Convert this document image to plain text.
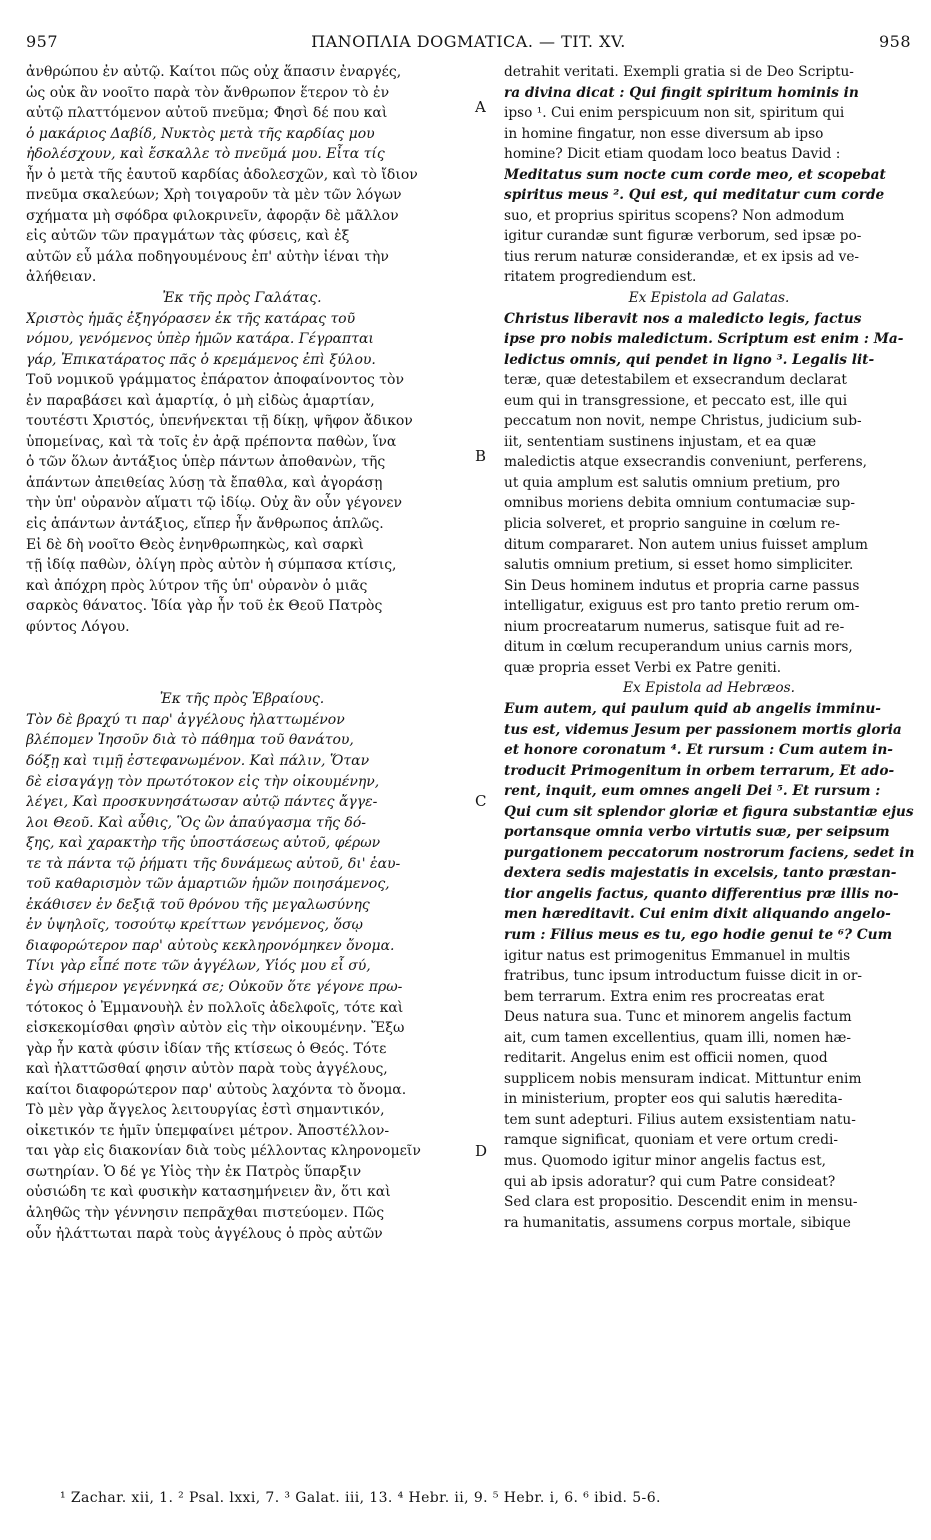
957	ΠΑΝΟΠΛΙΑ DOGMATICA. — TIT. XV.	958
ἀνθρώπου ἐν αὐτῷ. Καίτοι πῶς οὐχ ἅπασιν ἐναργές,
ὡς οὐκ ἂν νοοῖτο παρὰ τὸν ἄνθρωπον ἕτερον τὸ ἐν
αὐτῷ πλαττόμενον αὐτοῦ πνεῦμα; Φησὶ δέ που καὶ
ὁ μακάριος Δαβίδ, Νυκτὸς μετὰ τῆς καρδίας μου
ἠδολέσχουν, καὶ ἔσκαλλε τὸ πνεῦμά μου. Εἶτα τίς
ἦν ὁ μετὰ τῆς ἑαυτοῦ καρδίας ἀδολεσχῶν, καὶ τὸ ἴδιον
πνεῦμα σκαλεύων; Χρὴ τοιγαροῦν τὰ μὲν τῶν λόγων
σχήματα μὴ σφόδρα φιλοκρινεῖν, ἀφορᾷν δὲ μᾶλλον
εἰς αὐτῶν τῶν πραγμάτων τὰς φύσεις, καὶ ἐξ
αὐτῶν εὖ μάλα ποδηγουμένους ἐπ' αὐτὴν ἰέναι τὴν
ἀλήθειαν.
Ἐκ τῆς πρὸς Γαλάτας.
Χριστὸς ἡμᾶς ἐξηγόρασεν ἐκ τῆς κατάρας τοῦ
νόμου, γενόμενος ὑπὲρ ἡμῶν κατάρα. Γέγραπται
γάρ, Ἐπικατάρατος πᾶς ὁ κρεμάμενος ἐπὶ ξύλου.
Τοῦ νομικοῦ γράμματος ἐπάρατον ἀποφαίνοντος τὸν
ἐν παραβάσει καὶ ἁμαρτίᾳ, ὁ μὴ εἰδὼς ἁμαρτίαν,
τουτέστι Χριστός, ὑπενήνεκται τῇ δίκῃ, ψῆφον ἄδικον
ὑπομείνας, καὶ τὰ τοῖς ἐν ἀρᾷ πρέποντα παθὼν, ἵνα
ὁ τῶν ὅλων ἀντάξιος ὑπὲρ πάντων ἀποθανὼν, τῆς
ἁπάντων ἀπειθείας λύσῃ τὰ ἔπαθλα, καὶ ἀγοράσῃ
τὴν ὑπ' οὐρανὸν αἵματι τῷ ἰδίῳ. Οὐχ ἂν οὖν γέγονεν
εἰς ἁπάντων ἀντάξιος, εἴπερ ἦν ἄνθρωπος ἁπλῶς.
Εἰ δὲ δὴ νοοῖτο Θεὸς ἐνηνθρωπηκὼς, καὶ σαρκὶ
τῇ ἰδίᾳ παθὼν, ὀλίγη πρὸς αὐτὸν ἡ σύμπασα κτίσις,
καὶ ἀπόχρη πρὸς λύτρον τῆς ὑπ' οὐρανὸν ὁ μιᾶς
σαρκὸς θάνατος. Ἰδία γὰρ ἦν τοῦ ἐκ Θεοῦ Πατρὸς
φύντος Λόγου.
Ἐκ τῆς πρὸς Ἑβραίους.
Τὸν δὲ βραχύ τι παρ' ἀγγέλους ἠλαττωμένον
βλέπομεν Ἰησοῦν διὰ τὸ πάθημα τοῦ θανάτου,
δόξῃ καὶ τιμῇ ἐστεφανωμένον. Καὶ πάλιν, Ὅταν
δὲ εἰσαγάγῃ τὸν πρωτότοκον εἰς τὴν οἰκουμένην,
λέγει, Καὶ προσκυνησάτωσαν αὐτῷ πάντες ἄγγε-
λοι Θεοῦ. Καὶ αὖθις, Ὃς ὢν ἀπαύγασμα τῆς δό-
ξης, καὶ χαρακτὴρ τῆς ὑποστάσεως αὐτοῦ, φέρων
τε τὰ πάντα τῷ ῥήματι τῆς δυνάμεως αὐτοῦ, δι' ἑαυ-
τοῦ καθαρισμὸν τῶν ἁμαρτιῶν ἡμῶν ποιησάμενος,
ἐκάθισεν ἐν δεξιᾷ τοῦ θρόνου τῆς μεγαλωσύνης
ἐν ὑψηλοῖς, τοσούτῳ κρείττων γενόμενος, ὅσῳ
διαφορώτερον παρ' αὐτοὺς κεκληρονόμηκεν ὄνομα.
Τίνι γὰρ εἶπέ ποτε τῶν ἀγγέλων, Υἱός μου εἶ σύ,
ἐγὼ σήμερον γεγέννηκά σε; Οὐκοῦν ὅτε γέγονε πρω-
τότοκος ὁ Ἐμμανουὴλ ἐν πολλοῖς ἀδελφοῖς, τότε καὶ
εἰσκεκομίσθαι φησὶν αὐτὸν εἰς τὴν οἰκουμένην. Ἔξω
γὰρ ἦν κατὰ φύσιν ἰδίαν τῆς κτίσεως ὁ Θεός. Τότε
καὶ ἠλαττῶσθαί φησιν αὐτὸν παρὰ τοὺς ἀγγέλους,
καίτοι διαφορώτερον παρ' αὐτοὺς λαχόντα τὸ ὄνομα.
Τὸ μὲν γὰρ ἄγγελος λειτουργίας ἐστὶ σημαντικόν,
οἰκετικόν τε ἡμῖν ὑπεμφαίνει μέτρον. Ἀποστέλλον-
ται γὰρ εἰς διακονίαν διὰ τοὺς μέλλοντας κληρονομεῖν
σωτηρίαν. Ὁ δέ γε Υἱὸς τὴν ἐκ Πατρὸς ὕπαρξιν
οὐσιώδη τε καὶ φυσικὴν κατασημήνειεν ἂν, ὅτι καὶ
ἀληθῶς τὴν γέννησιν πεπρᾶχθαι πιστεύομεν. Πῶς
οὖν ἠλάττωται παρὰ τοὺς ἀγγέλους ὁ πρὸς αὐτῶν
detrahit veritati. Exempli gratia si de Deo Scriptu-
ra divina dicat : Qui fingit spiritum hominis in
ipso ¹. Cui enim perspicuum non sit, spiritum qui
in homine fingatur, non esse diversum ab ipso
homine? Dicit etiam quodam loco beatus David :
Meditatus sum nocte cum corde meo, et scopebat
spiritus meus ². Qui est, qui meditatur cum corde
suo, et proprius spiritus scopens? Non admodum
igitur curandæ sunt figuræ verborum, sed ipsæ po-
tius rerum naturæ considerandæ, et ex ipsis ad ve-
ritatem progrediendum est.
Ex Epistola ad Galatas.
Christus liberavit nos a maledicto legis, factus
ipse pro nobis maledictum. Scriptum est enim : Ma-
ledictus omnis, qui pendet in ligno ³. Legalis lit-
teræ, quæ detestabilem et exsecrandum declarat
eum qui in transgressione, et peccato est, ille qui
peccatum non novit, nempe Christus, judicium sub-
iit, sententiam sustinens injustam, et ea quæ
maledictis atque exsecrandis conveniunt, perferens,
ut quia amplum est salutis omnium pretium, pro
omnibus moriens debita omnium contumaciæ sup-
plicia solveret, et proprio sanguine in cœlum re-
ditum compararet. Non autem unius fuisset amplum
salutis omnium pretium, si esset homo simpliciter.
Sin Deus hominem indutus et propria carne passus
intelligatur, exiguus est pro tanto pretio rerum om-
nium procreatarum numerus, satisque fuit ad re-
ditum in cœlum recuperandum unius carnis mors,
quæ propria esset Verbi ex Patre geniti.
Ex Epistola ad Hebræos.
Eum autem, qui paulum quid ab angelis imminu-
tus est, videmus Jesum per passionem mortis gloria
et honore coronatum ⁴. Et rursum : Cum autem in-
troducit Primogenitum in orbem terrarum, Et ado-
rent, inquit, eum omnes angeli Dei ⁵. Et rursum :
Qui cum sit splendor gloriæ et figura substantiæ ejus
portansque omnia verbo virtutis suæ, per seipsum
purgationem peccatorum nostrorum faciens, sedet in
dextera sedis majestatis in excelsis, tanto præstan-
tior angelis factus, quanto differentius præ illis no-
men hæreditavit. Cui enim dixit aliquando angelo-
rum : Filius meus es tu, ego hodie genui te ⁶? Cum
igitur natus est primogenitus Emmanuel in multis
fratribus, tunc ipsum introductum fuisse dicit in or-
bem terrarum. Extra enim res procreatas erat
Deus natura sua. Tunc et minorem angelis factum
ait, cum tamen excellentius, quam illi, nomen hæ-
reditarit. Angelus enim est officii nomen, quod
supplicem nobis mensuram indicat. Mittuntur enim
in ministerium, propter eos qui salutis hæredita-
tem sunt adepturi. Filius autem exsistentiam natu-
ramque significat, quoniam et vere ortum credi-
mus. Quomodo igitur minor angelis factus est,
qui ab ipsis adoratur? qui cum Patre consideat?
Sed clara est propositio. Descendit enim in mensu-
ra humanitatis, assumens corpus mortale, sibique
A
B
C
D
¹ Zachar. xii, 1. ² Psal. lxxi, 7. ³ Galat. iii, 13. ⁴ Hebr. ii, 9. ⁵ Hebr. i, 6. ⁶ ibid. 5-6.
